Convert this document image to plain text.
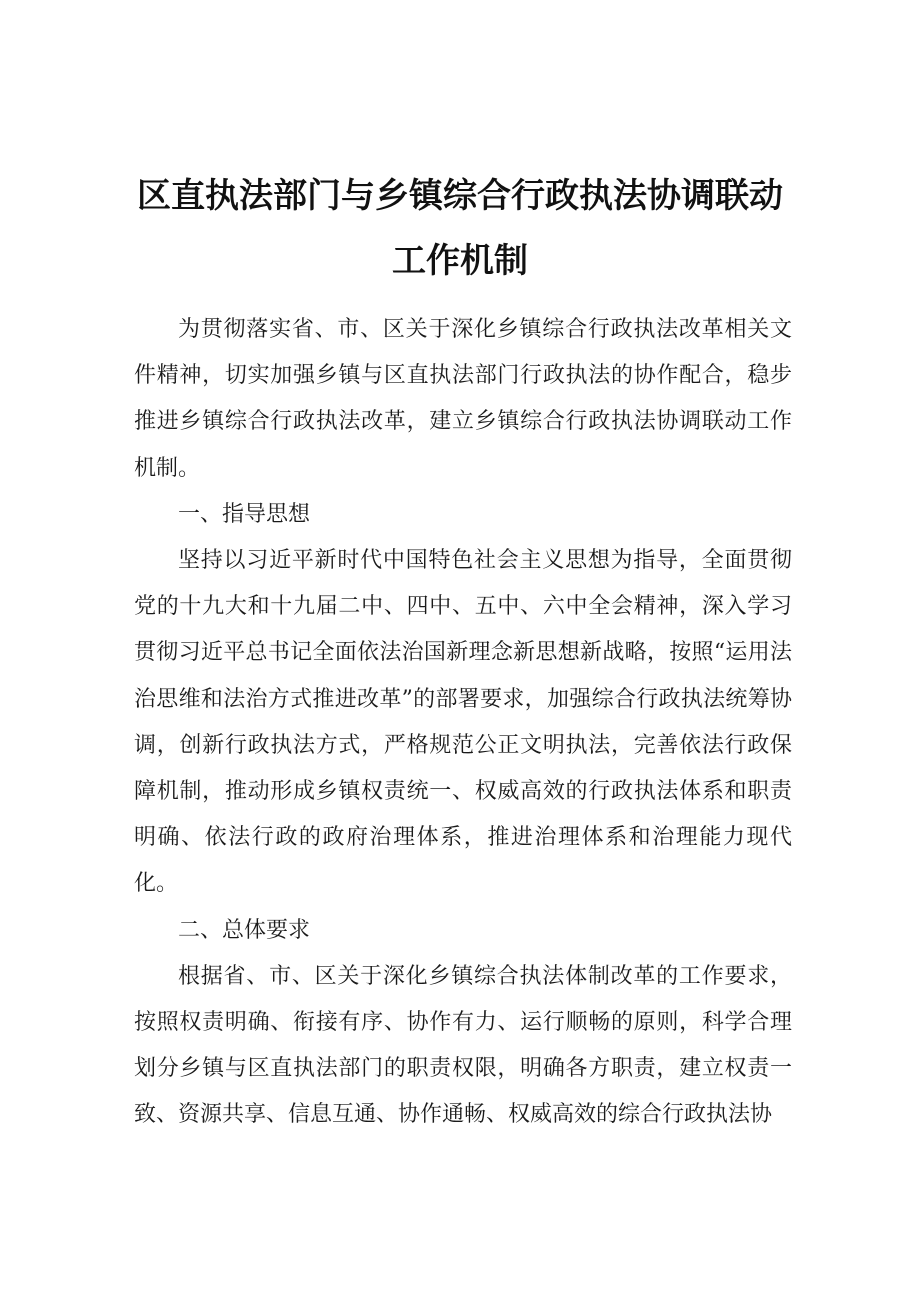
区直执法部门与乡镇综合行政执法协调联动
工作机制

为贯彻落实省、市、区关于深化乡镇综合行政执法改革相关文件精神，切实加强乡镇与区直执法部门行政执法的协作配合，稳步推进乡镇综合行政执法改革，建立乡镇综合行政执法协调联动工作机制。

一、指导思想

坚持以习近平新时代中国特色社会主义思想为指导，全面贯彻党的十九大和十九届二中、四中、五中、六中全会精神，深入学习贯彻习近平总书记全面依法治国新理念新思想新战略，按照“运用法治思维和法治方式推进改革”的部署要求，加强综合行政执法统筹协调，创新行政执法方式，严格规范公正文明执法，完善依法行政保障机制，推动形成乡镇权责统一、权威高效的行政执法体系和职责明确、依法行政的政府治理体系，推进治理体系和治理能力现代化。

二、总体要求

根据省、市、区关于深化乡镇综合执法体制改革的工作要求，按照权责明确、衔接有序、协作有力、运行顺畅的原则，科学合理划分乡镇与区直执法部门的职责权限，明确各方职责，建立权责一致、资源共享、信息互通、协作通畅、权威高效的综合行政执法协
